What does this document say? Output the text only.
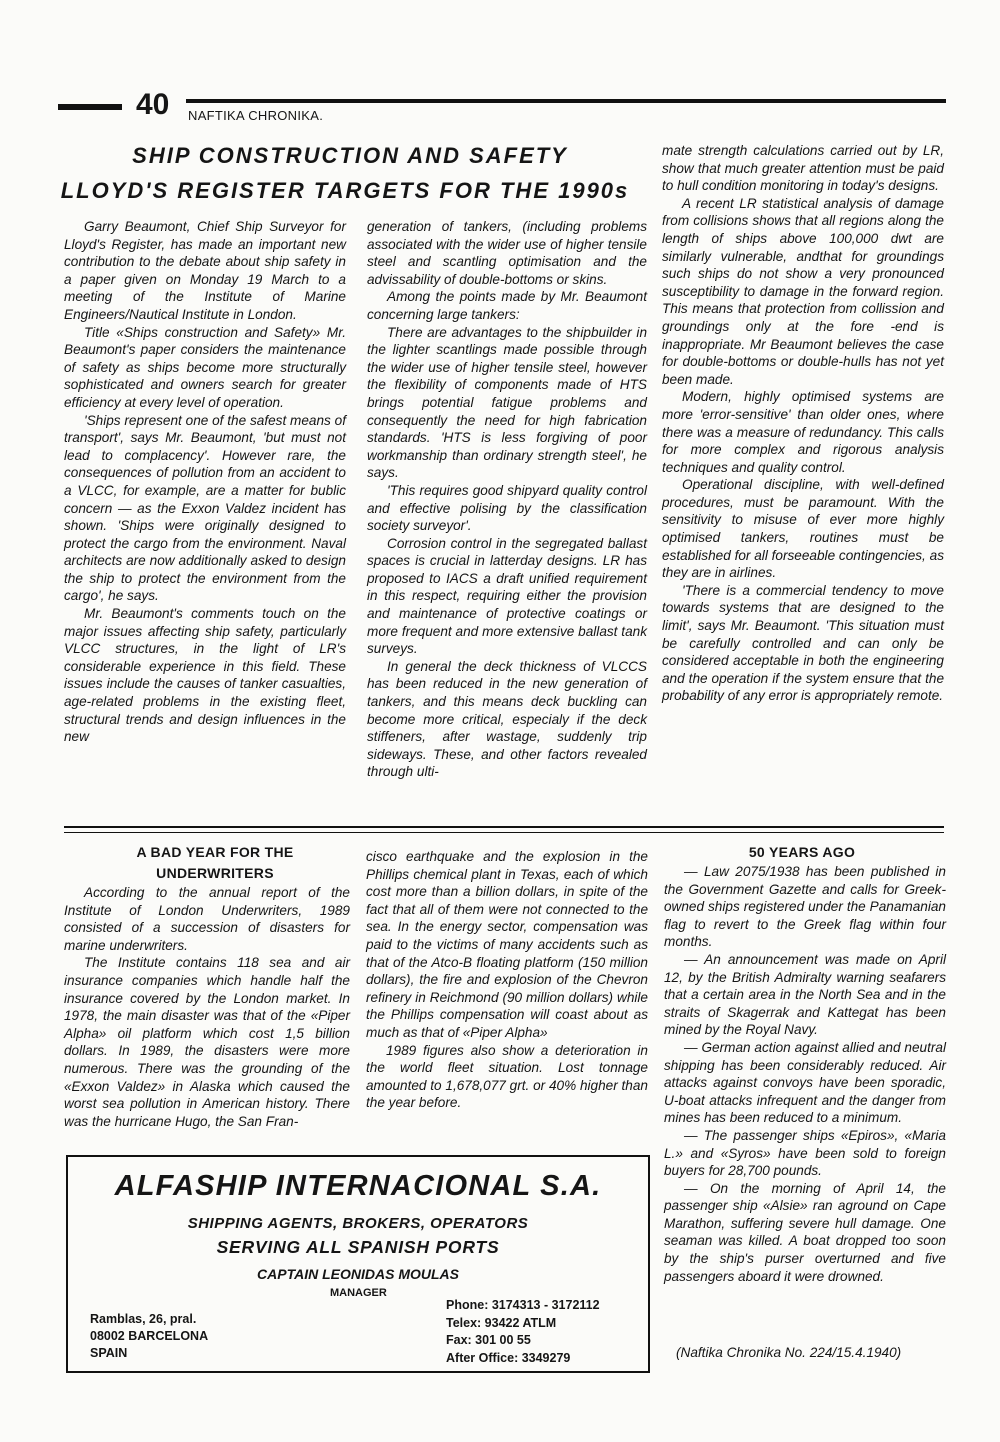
40 NAFTIKA CHRONIKA.
SHIP CONSTRUCTION AND SAFETY
LLOYD'S REGISTER TARGETS FOR THE 1990s

Garry Beaumont, Chief Ship Surveyor for Lloyd's Register, has made an important new contribution to the debate about ship safety in a paper given on Monday 19 March to a meeting of the Institute of Marine Engineers/Nautical Institute in London.

Title «Ships construction and Safety» Mr. Beaumont's paper considers the maintenance of safety as ships become more structurally sophisticated and owners search for greater efficiency at every level of operation.

'Ships represent one of the safest means of transport', says Mr. Beaumont, 'but must not lead to complacency'. However rare, the consequences of pollution from an accident to a VLCC, for example, are a matter for bublic concern — as the Exxon Valdez incident has shown. 'Ships were originally designed to protect the cargo from the environment. Naval architects are now additionally asked to design the ship to protect the environment from the cargo', he says.

Mr. Beaumont's comments touch on the major issues affecting ship safety, particularly VLCC structures, in the light of LR's considerable experience in this field. These issues include the causes of tanker casualties, age-related problems in the existing fleet, structural trends and design influences in the new

generation of tankers, (including problems associated with the wider use of higher tensile steel and scantling optimisation and the advissability of double-bottoms or skins.

Among the points made by Mr. Beaumont concerning large tankers:

There are advantages to the shipbuilder in the lighter scantlings made possible through the wider use of higher tensile steel, however the flexibility of components made of HTS brings potential fatigue problems and consequently the need for high fabrication standards. 'HTS is less forgiving of poor workmanship than ordinary strength steel', he says.

'This requires good shipyard quality control and effective polising by the classification society surveyor'.

Corrosion control in the segregated ballast spaces is crucial in latterday designs. LR has proposed to IACS a draft unified requirement in this respect, requiring either the provision and maintenance of protective coatings or more frequent and more extensive ballast tank surveys.

In general the deck thickness of VLCCS has been reduced in the new generation of tankers, and this means deck buckling can become more critical, especialy if the deck stiffeners, after wastage, suddenly trip sideways. These, and other factors revealed through ulti-

mate strength calculations carried out by LR, show that much greater attention must be paid to hull condition monitoring in today's designs.

A recent LR statistical analysis of damage from collisions shows that all regions along the length of ships above 100,000 dwt are similarly vulnerable, andthat for groundings such ships do not show a very pronounced susceptibility to damage in the forward region. This means that protection from collission and groundings only at the fore -end is inappropriate. Mr Beaumont believes the case for double-bottoms or double-hulls has not yet been made.

Modern, highly optimised systems are more 'error-sensitive' than older ones, where there was a measure of redundancy. This calls for more complex and rigorous analysis techniques and quality control.

Operational discipline, with well-defined procedures, must be paramount. With the sensitivity to misuse of ever more highly optimised tankers, routines must be established for all forseeable contingencies, as they are in airlines.

'There is a commercial tendency to move towards systems that are designed to the limit', says Mr. Beaumont. 'This situation must be carefully controlled and can only be considered acceptable in both the engineering and the operation if the system ensure that the probability of any error is appropriately remote.

A BAD YEAR FOR THE UNDERWRITERS

According to the annual report of the Institute of London Underwriters, 1989 consisted of a succession of disasters for marine underwriters.

The Institute contains 118 sea and air insurance companies which handle half the insurance covered by the London market. In 1978, the main disaster was that of the «Piper Alpha» oil platform which cost 1,5 billion dollars. In 1989, the disasters were more numerous. There was the grounding of the «Exxon Valdez» in Alaska which caused the worst sea pollution in American history. There was the hurricane Hugo, the San Fran-

cisco earthquake and the explosion in the Phillips chemical plant in Texas, each of which cost more than a billion dollars, in spite of the fact that all of them were not connected to the sea. In the energy sector, compensation was paid to the victims of many accidents such as that of the Atco-B floating platform (150 million dollars), the fire and explosion of the Chevron refinery in Reichmond (90 million dollars) while the Phillips compensation will coast about as much as that of «Piper Alpha»

1989 figures also show a deterioration in the world fleet situation. Lost tonnage amounted to 1,678,077 grt. or 40% higher than the year before.

50 YEARS AGO

— Law 2075/1938 has been published in the Government Gazette and calls for Greek-owned ships registered under the Panamanian flag to revert to the Greek flag within four months.

— An announcement was made on April 12, by the British Admiralty warning seafarers that a certain area in the North Sea and in the straits of Skagerrak and Kattegat has been mined by the Royal Navy.

— German action against allied and neutral shipping has been considerably reduced. Air attacks against convoys have been sporadic, U-boat attacks infrequent and the danger from mines has been reduced to a minimum.

— The passenger ships «Epiros», «Maria L.» and «Syros» have been sold to foreign buyers for 28,700 pounds.

— On the morning of April 14, the passenger ship «Alsie» ran aground on Cape Marathon, suffering severe hull damage. One seaman was killed. A boat dropped too soon by the ship's purser overturned and five passengers aboard it were drowned.

(Naftika Chronika No. 224/15.4.1940)
ALFASHIP INTERNACIONAL S.A.
SHIPPING AGENTS, BROKERS, OPERATORS
SERVING ALL SPANISH PORTS
CAPTAIN LEONIDAS MOULAS
MANAGER
Ramblas, 26, pral.
08002 BARCELONA
SPAIN
Phone: 3174313 - 3172112
Telex: 93422 ATLM
Fax: 301 00 55
After Office: 3349279
